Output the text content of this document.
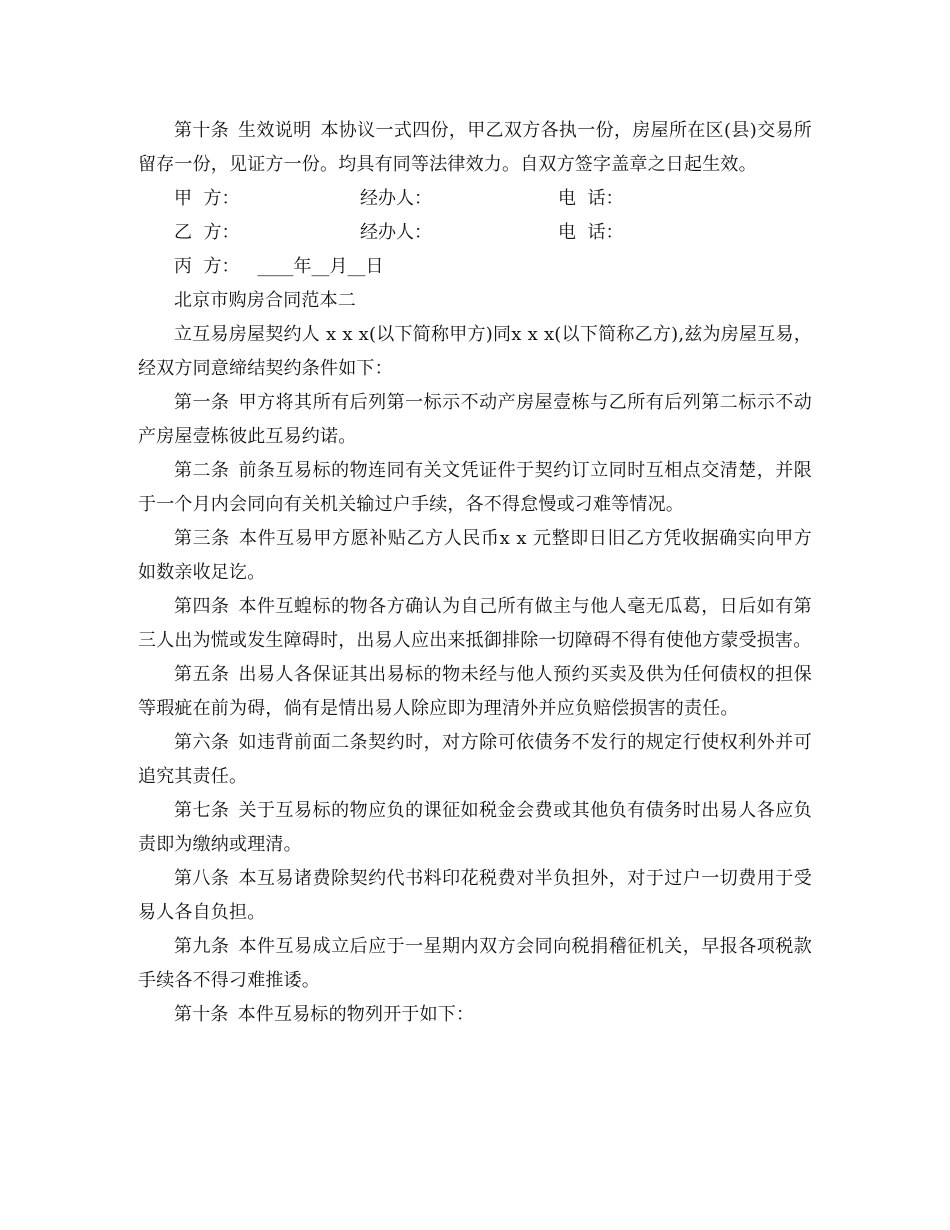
第十条 生效说明 本协议一式四份，甲乙双方各执一份，房屋所在区(县)交易所留存一份，见证方一份。均具有同等法律效力。自双方签字盖章之日起生效。

甲  方：	经办人：	电  话：
乙  方：	经办人：	电  话：
丙  方： ____年__月__日

北京市购房合同范本二

立互易房屋契约人 x x x(以下简称甲方)同x x x(以下简称乙方),兹为房屋互易，经双方同意缔结契约条件如下：

第一条 甲方将其所有后列第一标示不动产房屋壹栋与乙所有后列第二标示不动产房屋壹栋彼此互易约诺。

第二条 前条互易标的物连同有关文凭证件于契约订立同时互相点交清楚，并限于一个月内会同向有关机关输过户手续，各不得怠慢或刁难等情况。

第三条 本件互易甲方愿补贴乙方人民币x x 元整即日旧乙方凭收据确实向甲方如数亲收足讫。

第四条 本件互蝗标的物各方确认为自己所有做主与他人毫无瓜葛，日后如有第三人出为慌或发生障碍时，出易人应出来抵御排除一切障碍不得有使他方蒙受损害。

第五条 出易人各保证其出易标的物未经与他人预约买卖及供为任何债权的担保等瑕疵在前为碍，倘有是情出易人除应即为理清外并应负赔偿损害的责任。

第六条 如违背前面二条契约时，对方除可依债务不发行的规定行使权利外并可追究其责任。

第七条 关于互易标的物应负的课征如税金会费或其他负有债务时出易人各应负责即为缴纳或理清。

第八条 本互易诸费除契约代书料印花税费对半负担外，对于过户一切费用于受易人各自负担。

第九条 本件互易成立后应于一星期内双方会同向税捐稽征机关，早报各项税款手续各不得刁难推诿。

第十条 本件互易标的物列开于如下：
